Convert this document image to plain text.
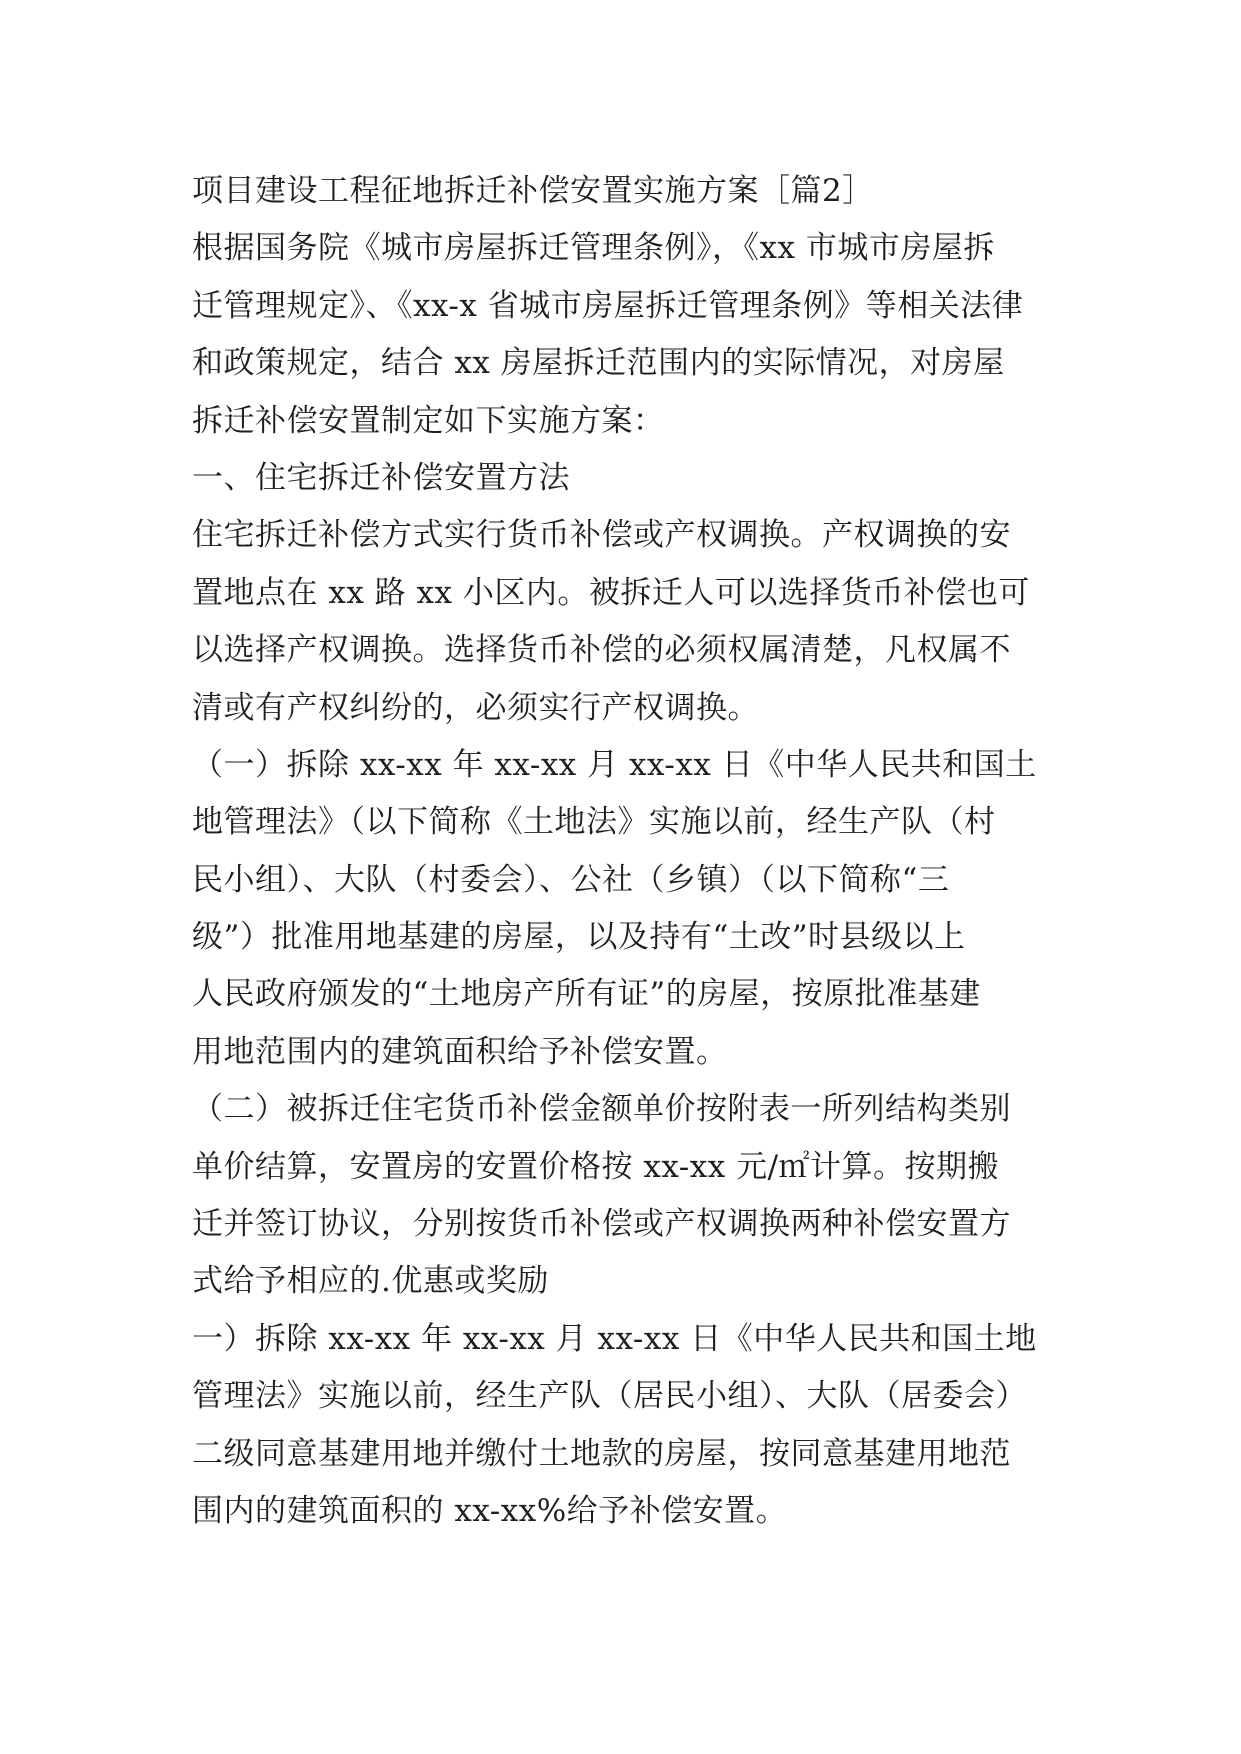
项目建设工程征地拆迁补偿安置实施方案［篇2］
根据国务院《城市房屋拆迁管理条例》，《xx 市城市房屋拆
迁管理规定》、《xx-x 省城市房屋拆迁管理条例》等相关法律
和政策规定，结合 xx 房屋拆迁范围内的实际情况，对房屋
拆迁补偿安置制定如下实施方案：
一、住宅拆迁补偿安置方法
住宅拆迁补偿方式实行货币补偿或产权调换。产权调换的安
置地点在 xx 路 xx 小区内。被拆迁人可以选择货币补偿也可
以选择产权调换。选择货币补偿的必须权属清楚，凡权属不
清或有产权纠纷的，必须实行产权调换。
（一）拆除 xx-xx 年 xx-xx 月 xx-xx 日《中华人民共和国土
地管理法》（以下简称《土地法》实施以前，经生产队（村
民小组）、大队（村委会）、公社（乡镇）（以下简称“三
级”）批准用地基建的房屋，以及持有“土改”时县级以上
人民政府颁发的“土地房产所有证”的房屋，按原批准基建
用地范围内的建筑面积给予补偿安置。
（二）被拆迁住宅货币补偿金额单价按附表一所列结构类别
单价结算，安置房的安置价格按 xx-xx 元/㎡计算。按期搬
迁并签订协议，分别按货币补偿或产权调换两种补偿安置方
式给予相应的.优惠或奖励
一）拆除 xx-xx 年 xx-xx 月 xx-xx 日《中华人民共和国土地
管理法》实施以前，经生产队（居民小组）、大队（居委会）
二级同意基建用地并缴付土地款的房屋，按同意基建用地范
围内的建筑面积的 xx-xx%给予补偿安置。
